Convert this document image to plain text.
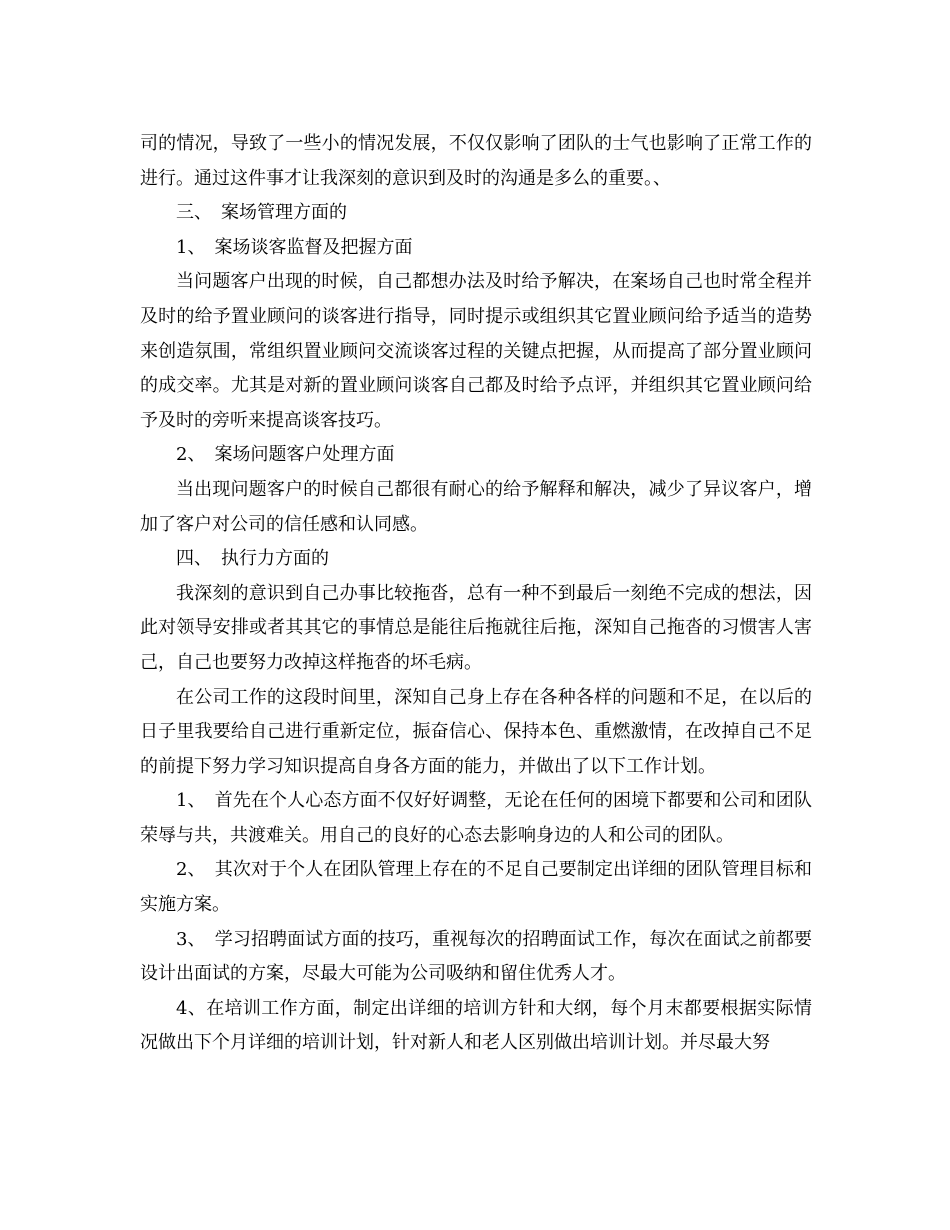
司的情况，导致了一些小的情况发展，不仅仅影响了团队的士气也影响了正常工作的进行。通过这件事才让我深刻的意识到及时的沟通是多么的重要。、

三、　案场管理方面的

1、　案场谈客监督及把握方面

当问题客户出现的时候，自己都想办法及时给予解决，在案场自己也时常全程并及时的给予置业顾问的谈客进行指导，同时提示或组织其它置业顾问给予适当的造势来创造氛围，常组织置业顾问交流谈客过程的关键点把握，从而提高了部分置业顾问的成交率。尤其是对新的置业顾问谈客自己都及时给予点评，并组织其它置业顾问给予及时的旁听来提高谈客技巧。

2、　案场问题客户处理方面

当出现问题客户的时候自己都很有耐心的给予解释和解决，减少了异议客户，增加了客户对公司的信任感和认同感。

四、　执行力方面的

我深刻的意识到自己办事比较拖沓，总有一种不到最后一刻绝不完成的想法，因此对领导安排或者其其它的事情总是能往后拖就往后拖，深知自己拖沓的习惯害人害己，自己也要努力改掉这样拖沓的坏毛病。

在公司工作的这段时间里，深知自己身上存在各种各样的问题和不足，在以后的日子里我要给自己进行重新定位，振奋信心、保持本色、重燃激情，在改掉自己不足的前提下努力学习知识提高自身各方面的能力，并做出了以下工作计划。

1、　首先在个人心态方面不仅好好调整，无论在任何的困境下都要和公司和团队荣辱与共，共渡难关。用自己的良好的心态去影响身边的人和公司的团队。

2、　其次对于个人在团队管理上存在的不足自己要制定出详细的团队管理目标和实施方案。

3、　学习招聘面试方面的技巧，重视每次的招聘面试工作，每次在面试之前都要设计出面试的方案，尽最大可能为公司吸纳和留住优秀人才。

4、在培训工作方面，制定出详细的培训方针和大纲，每个月末都要根据实际情况做出下个月详细的培训计划，针对新人和老人区别做出培训计划。并尽最大努
